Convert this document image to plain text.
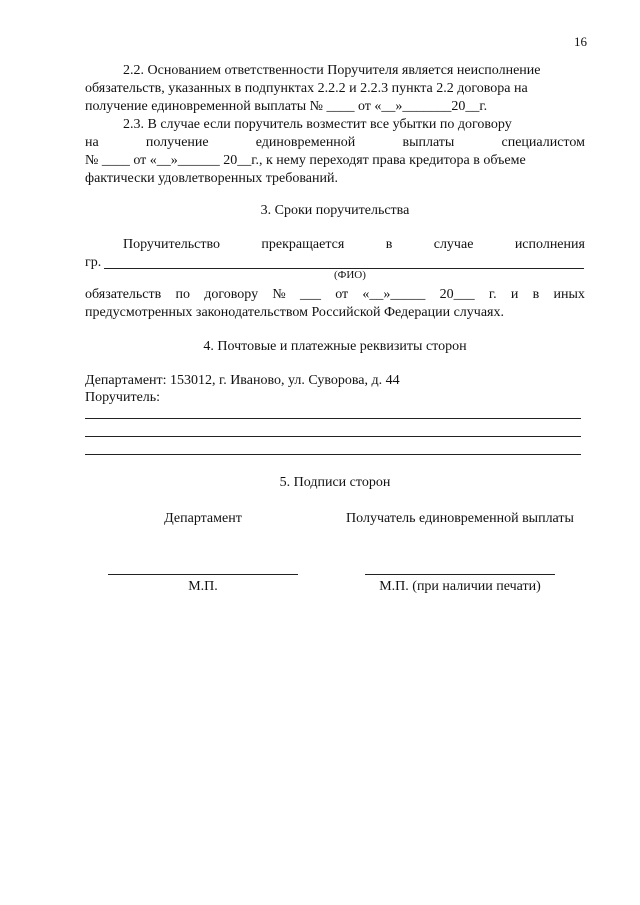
16
2.2. Основанием ответственности Поручителя является неисполнение
обязательств, указанных в подпунктах 2.2.2 и 2.2.3 пункта 2.2 договора на
получение единовременной выплаты № ____ от «__»_______20__г.
2.3. В случае если поручитель возместит все убытки по договору
на	получение	единовременной	выплаты	специалистом
№ ____ от «__»______ 20__г., к нему переходят права кредитора в объеме
фактически удовлетворенных требований.
3. Сроки поручительства
Поручительство	прекращается	в	случае	исполнения
гр.
(ФИО)
обязательств по договору № ___ от «__»_____ 20___ г. и в иных
предусмотренных законодательством Российской Федерации случаях.
4. Почтовые и платежные реквизиты сторон
Департамент: 153012, г. Иваново, ул. Суворова, д. 44
Поручитель:
5. Подписи сторон
Департамент	Получатель единовременной выплаты
М.П.	М.П. (при наличии печати)
